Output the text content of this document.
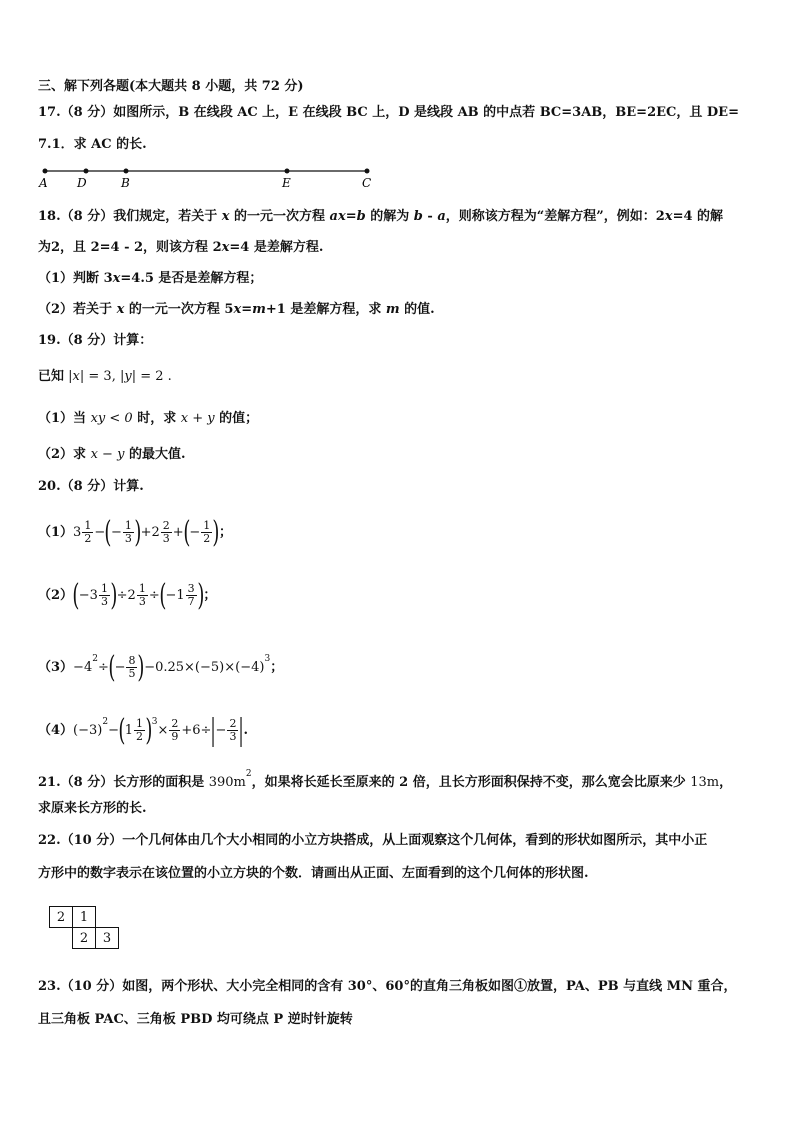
三、解下列各题(本大题共 8 小题，共 72 分)
17.（8 分）如图所示，B 在线段 AC 上，E 在线段 BC 上，D 是线段 AB 的中点若 BC=3AB，BE=2EC，且 DE=
7.1．求 AC 的长.
A D	B	E	C
18.（8 分）我们规定，若关于 x 的一元一次方程 ax=b 的解为 b - a，则称该方程为“差解方程”，例如：2x=4 的解
为2，且 2=4 - 2，则该方程 2x=4 是差解方程.
（1）判断 3x=4.5 是否是差解方程；
（2）若关于 x 的一元一次方程 5x=m+1 是差解方程，求 m 的值.
19.（8 分）计算：
已知 |x| = 3, |y| = 2 .
（1）当 xy < 0 时，求 x + y 的值；
（2）求 x − y 的最大值.
20.（8 分）计算.
$(1)3 \frac{1}{2}$ −(− $\frac{1}{3} )+2 \frac{2}{3}$ +(− $\frac{1}{2}$ )；
$(2)(-3 \frac{1}{3} )\div 2 \frac{1}{3} \div(-1 \frac{3}{7}$ )；
$(3)-4^2\div(- \frac{8}{5} )-0.25\times(-5)\times(-4)^3$；
$(4)(-3)^2-(1 \frac{1}{2} )^3\times \frac{2}{9} +6\div|- \frac{2}{3}$ |.
21.（8 分）长方形的面积是 $390m^2$，如果将长延长至原来的 2 倍，且长方形面积保持不变，那么宽会比原来少 13m，
求原来长方形的长.
22.（10 分）一个几何体由几个大小相同的小立方块搭成，从上面观察这个几何体，看到的形状如图所示，其中小正
方形中的数字表示在该位置的小立方块的个数．请画出从正面、左面看到的这个几何体的形状图.
2	1	
	2	3
23.（10 分）如图，两个形状、大小完全相同的含有 30°、60°的直角三角板如图①放置，PA、PB 与直线 MN 重合，
且三角板 PAC、三角板 PBD 均可绕点 P 逆时针旋转
